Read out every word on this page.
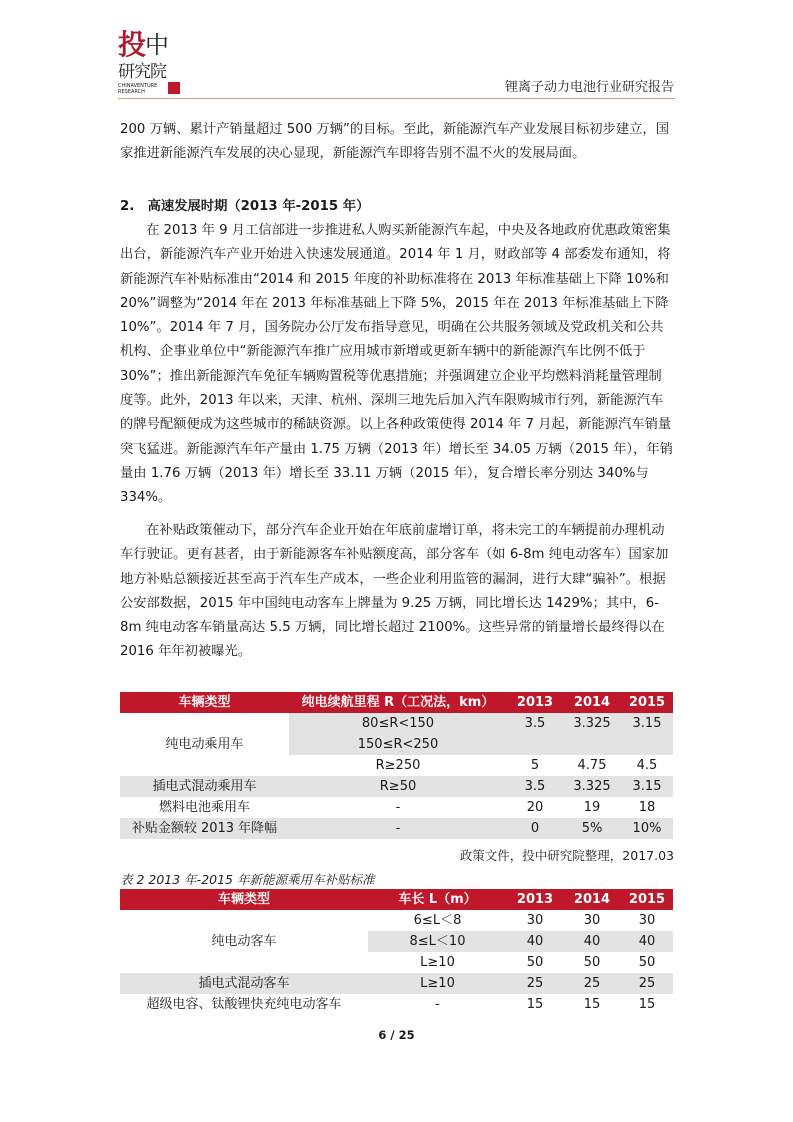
投
中
研究院
CHINAVENTURE RESEARCH	锂离子动力电池行业研究报告

200 万辆、累计产销量超过 500 万辆”的目标。至此，新能源汽车产业发展目标初步建立，国家推进新能源汽车发展的决心显现，新能源汽车即将告别不温不火的发展局面。

2.　高速发展时期（2013 年-2015 年）

在 2013 年 9 月工信部进一步推进私人购买新能源汽车起，中央及各地政府优惠政策密集出台，新能源汽车产业开始进入快速发展通道。2014 年 1 月，财政部等 4 部委发布通知，将新能源汽车补贴标准由“2014 和 2015 年度的补助标准将在 2013 年标准基础上下降 10%和 20%”调整为“2014 年在 2013 年标准基础上下降 5%，2015 年在 2013 年标准基础上下降 10%”。2014 年 7 月，国务院办公厅发布指导意见，明确在公共服务领域及党政机关和公共机构、企事业单位中“新能源汽车推广应用城市新增或更新车辆中的新能源汽车比例不低于 30%”；推出新能源汽车免征车辆购置税等优惠措施；并强调建立企业平均燃料消耗量管理制度等。此外，2013 年以来，天津、杭州、深圳三地先后加入汽车限购城市行列，新能源汽车的牌号配额便成为这些城市的稀缺资源。以上各种政策使得 2014 年 7 月起，新能源汽车销量突飞猛进。新能源汽车年产量由 1.75 万辆（2013 年）增长至 34.05 万辆（2015 年），年销量由 1.76 万辆（2013 年）增长至 33.11 万辆（2015 年），复合增长率分别达 340%与 334%。

在补贴政策催动下，部分汽车企业开始在年底前虚增订单，将未完工的车辆提前办理机动车行驶证。更有甚者，由于新能源客车补贴额度高，部分客车（如 6-8m 纯电动客车）国家加地方补贴总额接近甚至高于汽车生产成本，一些企业利用监管的漏洞，进行大肆“骗补”。根据公安部数据，2015 年中国纯电动客车上牌量为 9.25 万辆，同比增长达 1429%；其中，6-8m 纯电动客车销量高达 5.5 万辆，同比增长超过 2100%。这些异常的销量增长最终得以在 2016 年年初被曝光。

车辆类型	纯电续航里程 R（工况法，km）	2013	2014	2015
纯电动乘用车	80≤R<150	3.5	3.325	3.15
	150≤R<250			
	R≥250	5	4.75	4.5
插电式混动乘用车	R≥50	3.5	3.325	3.15
燃料电池乘用车	-	20	19	18
补贴金额较 2013 年降幅	-	0	5%	10%
政策文件，投中研究院整理，2017.03
表 2 2013 年-2015 年新能源乘用车补贴标准
车辆类型	车长 L（m）	2013	2014	2015
纯电动客车	6≤L＜8	30	30	30
	8≤L＜10	40	40	40
	L≥10	50	50	50
插电式混动客车	L≥10	25	25	25
超级电容、钛酸锂快充纯电动客车	-	15	15	15
6 / 25
